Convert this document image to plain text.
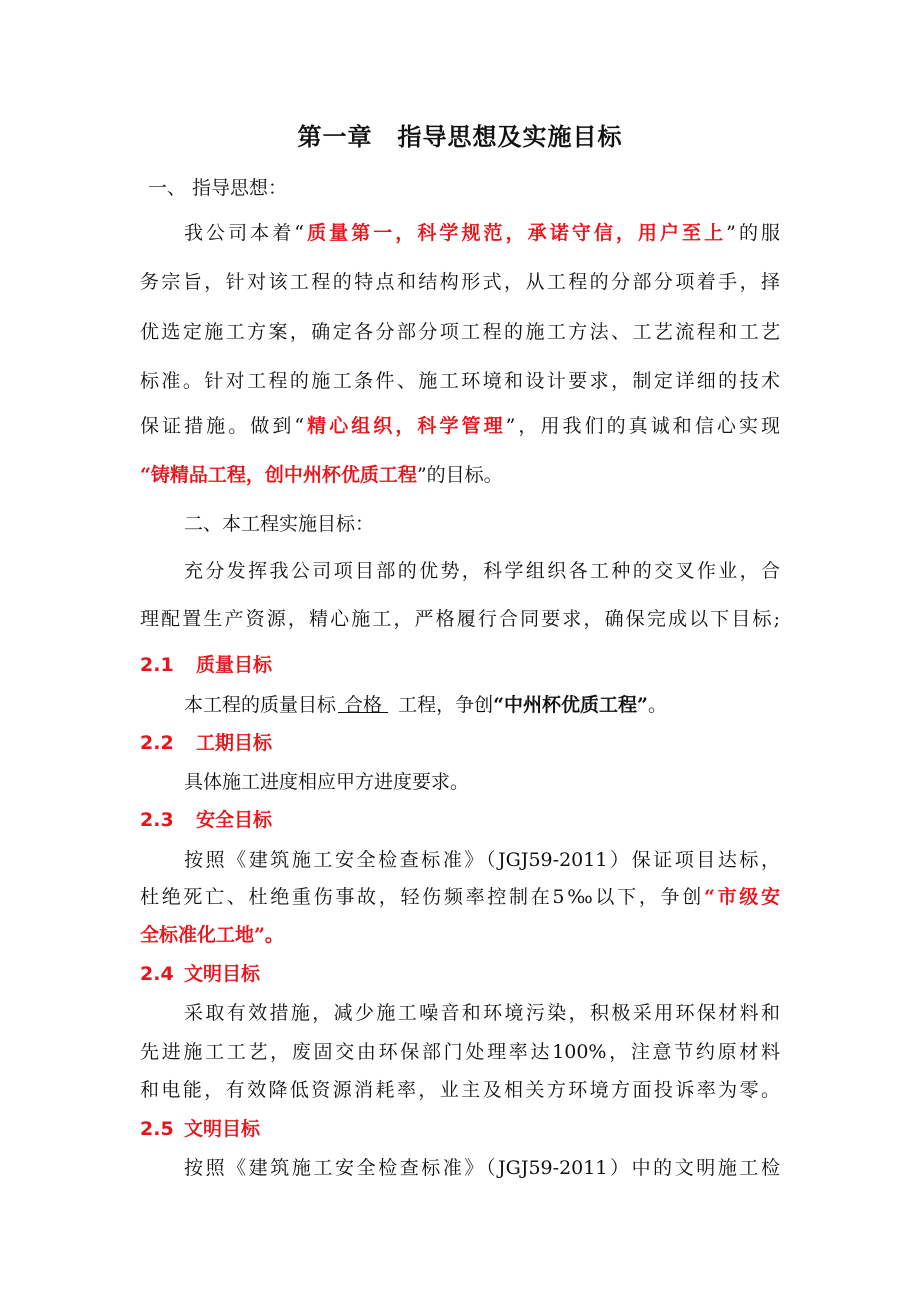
第一章　指导思想及实施目标
一、 指导思想：
我公司本着“质量第一，科学规范，承诺守信，用户至上”的服
务宗旨，针对该工程的特点和结构形式，从工程的分部分项着手，择
优选定施工方案，确定各分部分项工程的施工方法、工艺流程和工艺
标准。针对工程的施工条件、施工环境和设计要求，制定详细的技术
保证措施。做到“精心组织，科学管理”，用我们的真诚和信心实现
“铸精品工程，创中州杯优质工程”的目标。
二、本工程实施目标：
充分发挥我公司项目部的优势，科学组织各工种的交叉作业，合
理配置生产资源，精心施工，严格履行合同要求，确保完成以下目标;
2.1 质量目标
本工程的质量目标 合格 工程，争创“中州杯优质工程”。
2.2 工期目标
具体施工进度相应甲方进度要求。
2.3 安全目标
按照《建筑施工安全检查标准》（JGJ59-2011）保证项目达标，
杜绝死亡、杜绝重伤事故，轻伤频率控制在5‰以下，争创“市级安
全标准化工地”。
2.4 文明目标
采取有效措施，减少施工噪音和环境污染，积极采用环保材料和
先进施工工艺，废固交由环保部门处理率达100%，注意节约原材料
和电能，有效降低资源消耗率，业主及相关方环境方面投诉率为零。
2.5 文明目标
按照《建筑施工安全检查标准》（JGJ59-2011）中的文明施工检
